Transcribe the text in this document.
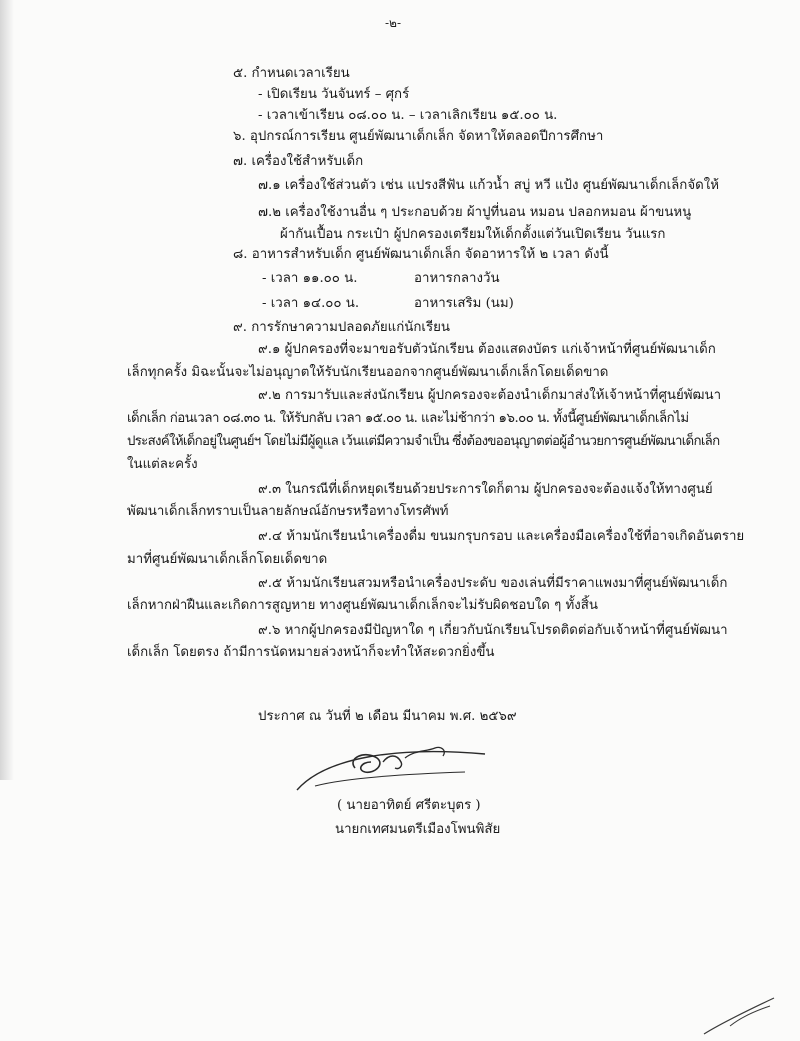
-๒-
๕. กำหนดเวลาเรียน
- เปิดเรียน วันจันทร์ – ศุกร์
- เวลาเข้าเรียน ๐๘.๐๐ น. – เวลาเลิกเรียน ๑๕.๐๐ น.
๖. อุปกรณ์การเรียน ศูนย์พัฒนาเด็กเล็ก จัดหาให้ตลอดปีการศึกษา
๗. เครื่องใช้สำหรับเด็ก
๗.๑ เครื่องใช้ส่วนตัว เช่น แปรงสีฟัน แก้วน้ำ สบู่ หวี แป้ง ศูนย์พัฒนาเด็กเล็กจัดให้
๗.๒ เครื่องใช้งานอื่น ๆ ประกอบด้วย ผ้าปูที่นอน หมอน ปลอกหมอน ผ้าขนหนู
ผ้ากันเปื้อน กระเป๋า ผู้ปกครองเตรียมให้เด็กตั้งแต่วันเปิดเรียน วันแรก
๘. อาหารสำหรับเด็ก ศูนย์พัฒนาเด็กเล็ก จัดอาหารให้ ๒ เวลา ดังนี้
- เวลา ๑๑.๐๐ น.	อาหารกลางวัน
- เวลา ๑๔.๐๐ น.	อาหารเสริม (นม)
๙. การรักษาความปลอดภัยแก่นักเรียน
๙.๑ ผู้ปกครองที่จะมาขอรับตัวนักเรียน ต้องแสดงบัตร แก่เจ้าหน้าที่ศูนย์พัฒนาเด็ก
เล็กทุกครั้ง มิฉะนั้นจะไม่อนุญาตให้รับนักเรียนออกจากศูนย์พัฒนาเด็กเล็กโดยเด็ดขาด
๙.๒ การมารับและส่งนักเรียน ผู้ปกครองจะต้องนำเด็กมาส่งให้เจ้าหน้าที่ศูนย์พัฒนา
เด็กเล็ก ก่อนเวลา ๐๘.๓๐ น. ให้รับกลับ เวลา ๑๕.๐๐ น. และไม่ช้ากว่า ๑๖.๐๐ น. ทั้งนี้ศูนย์พัฒนาเด็กเล็กไม่
ประสงค์ให้เด็กอยู่ในศูนย์ฯ โดยไม่มีผู้ดูแล เว้นแต่มีความจำเป็น ซึ่งต้องขออนุญาตต่อผู้อำนวยการศูนย์พัฒนาเด็กเล็ก
ในแต่ละครั้ง
๙.๓ ในกรณีที่เด็กหยุดเรียนด้วยประการใดก็ตาม ผู้ปกครองจะต้องแจ้งให้ทางศูนย์
พัฒนาเด็กเล็กทราบเป็นลายลักษณ์อักษรหรือทางโทรศัพท์
๙.๔ ห้ามนักเรียนนำเครื่องดื่ม ขนมกรุบกรอบ และเครื่องมือเครื่องใช้ที่อาจเกิดอันตราย
มาที่ศูนย์พัฒนาเด็กเล็กโดยเด็ดขาด
๙.๕ ห้ามนักเรียนสวมหรือนำเครื่องประดับ ของเล่นที่มีราคาแพงมาที่ศูนย์พัฒนาเด็ก
เล็กหากฝ่าฝืนและเกิดการสูญหาย ทางศูนย์พัฒนาเด็กเล็กจะไม่รับผิดชอบใด ๆ ทั้งสิ้น
๙.๖ หากผู้ปกครองมีปัญหาใด ๆ เกี่ยวกับนักเรียนโปรดติดต่อกับเจ้าหน้าที่ศูนย์พัฒนา
เด็กเล็ก โดยตรง ถ้ามีการนัดหมายล่วงหน้าก็จะทำให้สะดวกยิ่งขึ้น
ประกาศ ณ วันที่ ๒ เดือน มีนาคม พ.ศ. ๒๕๖๙
( นายอาทิตย์ ศรีตะบุตร )
นายกเทศมนตรีเมืองโพนพิสัย
